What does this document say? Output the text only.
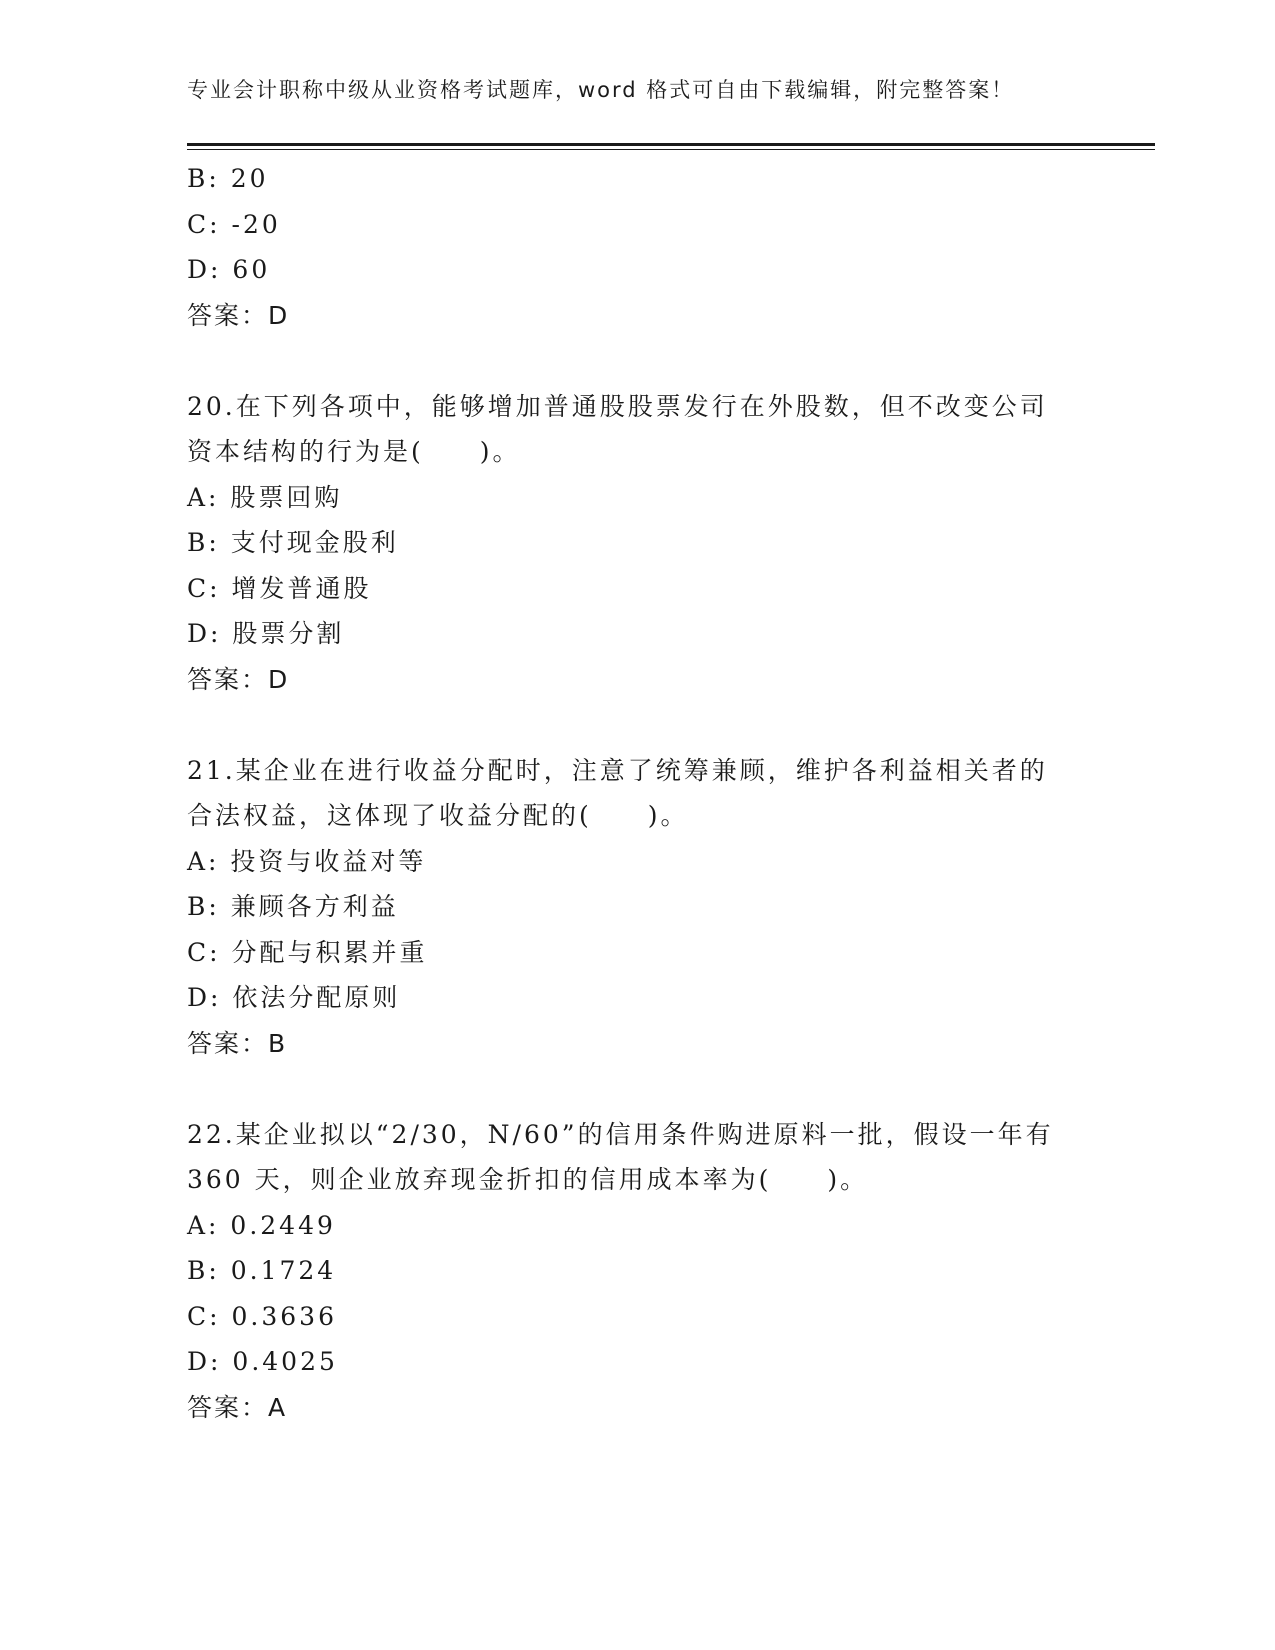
专业会计职称中级从业资格考试题库，word 格式可自由下载编辑，附完整答案！
B: 20
C: -20
D: 60
答案：D
20.在下列各项中，能够增加普通股股票发行在外股数，但不改变公司
资本结构的行为是(　　)。
A: 股票回购
B: 支付现金股利
C: 增发普通股
D: 股票分割
答案：D
21.某企业在进行收益分配时，注意了统筹兼顾，维护各利益相关者的
合法权益，这体现了收益分配的(　　)。
A: 投资与收益对等
B: 兼顾各方利益
C: 分配与积累并重
D: 依法分配原则
答案：B
22.某企业拟以“2/30，N/60”的信用条件购进原料一批，假设一年有
360 天，则企业放弃现金折扣的信用成本率为(　　)。
A: 0.2449
B: 0.1724
C: 0.3636
D: 0.4025
答案：A
